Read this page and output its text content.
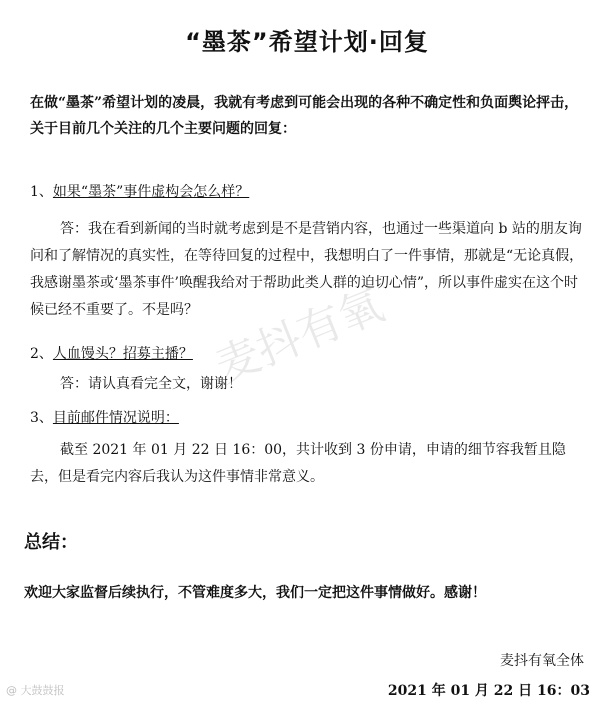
麦抖有氧
“墨茶”希望计划·回复
在做“墨茶”希望计划的凌晨，我就有考虑到可能会出现的各种不确定性和负面舆论抨击，关于目前几个关注的几个主要问题的回复：
1、如果“墨茶”事件虚构会怎么样？
答：我在看到新闻的当时就考虑到是不是营销内容，也通过一些渠道向 b 站的朋友询问和了解情况的真实性，在等待回复的过程中，我想明白了一件事情，那就是“无论真假，我感谢墨茶或‘墨茶事件’唤醒我给对于帮助此类人群的迫切心情”，所以事件虚实在这个时候已经不重要了。不是吗？
2、人血馒头？招募主播？
答：请认真看完全文，谢谢！
3、目前邮件情况说明：
截至 2021 年 01 月 22 日 16：00，共计收到 3 份申请，申请的细节容我暂且隐去，但是看完内容后我认为这件事情非常意义。
总结：
欢迎大家监督后续执行，不管难度多大，我们一定把这件事情做好。感谢！
麦抖有氧全体
2021 年 01 月 22 日 16：03
@ 大鼓鼓报
